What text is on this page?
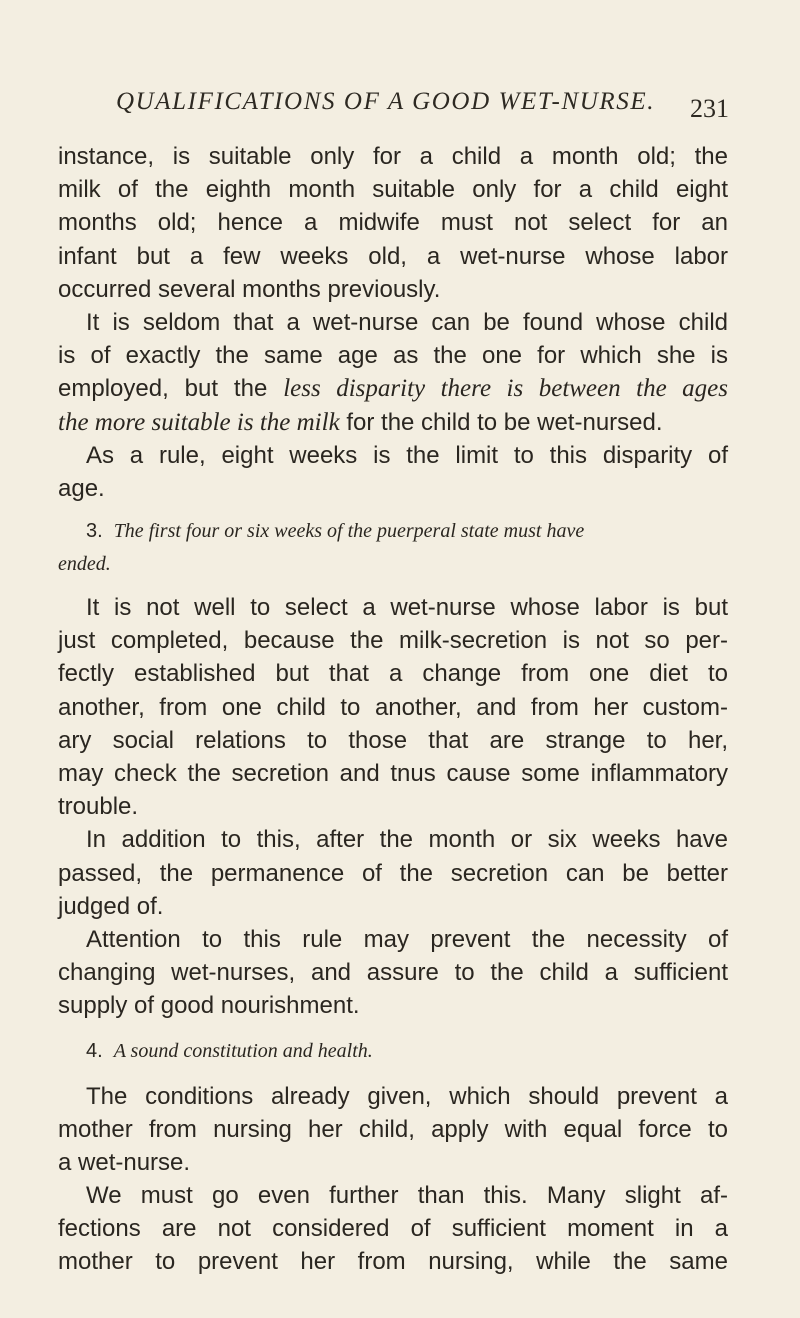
QUALIFICATIONS OF A GOOD WET-NURSE.	231
instance, is suitable only for a child a month old; the
milk of the eighth month suitable only for a child eight
months old; hence a midwife must not select for an
infant but a few weeks old, a wet-nurse whose labor
occurred several months previously.
It is seldom that a wet-nurse can be found whose child
is of exactly the same age as the one for which she is
employed, but the less disparity there is between the ages
the more suitable is the milk for the child to be wet-nursed.
As a rule, eight weeks is the limit to this disparity of
age.
3. The first four or six weeks of the puerperal state must have
ended.
It is not well to select a wet-nurse whose labor is but
just completed, because the milk-secretion is not so per-
fectly established but that a change from one diet to
another, from one child to another, and from her custom-
ary social relations to those that are strange to her,
may check the secretion and tnus cause some inflammatory
trouble.
In addition to this, after the month or six weeks have
passed, the permanence of the secretion can be better
judged of.
Attention to this rule may prevent the necessity of
changing wet-nurses, and assure to the child a sufficient
supply of good nourishment.
4. A sound constitution and health.
The conditions already given, which should prevent a
mother from nursing her child, apply with equal force to
a wet-nurse.
We must go even further than this. Many slight af-
fections are not considered of sufficient moment in a
mother to prevent her from nursing, while the same
